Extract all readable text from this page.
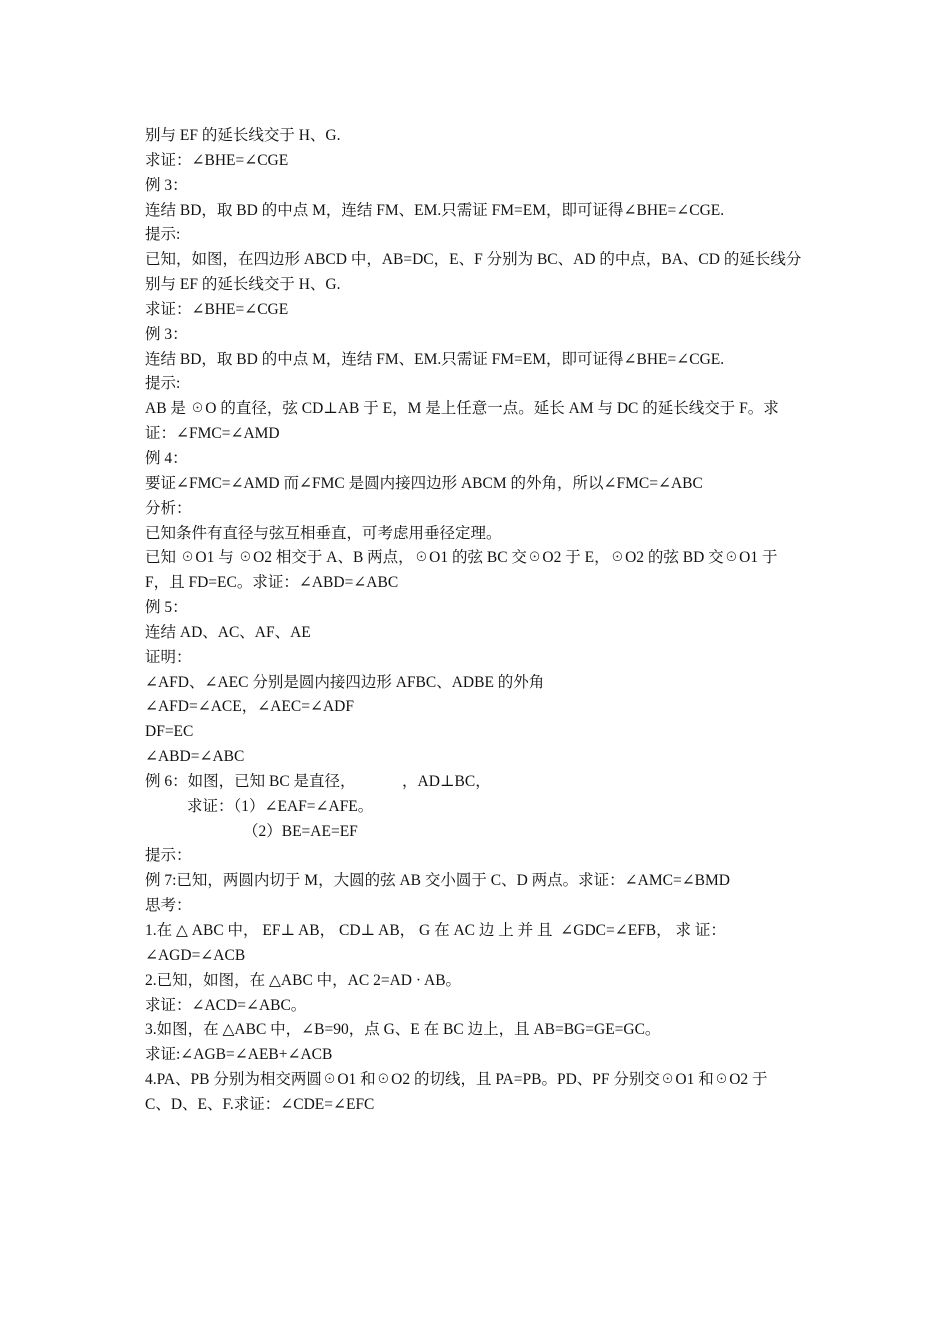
别与 EF 的延长线交于 H、G.
求证：∠BHE=∠CGE
例 3：
连结 BD，取 BD 的中点 M，连结 FM、EM.只需证 FM=EM，即可证得∠BHE=∠CGE.
提示:
已知，如图，在四边形 ABCD 中，AB=DC，E、F 分别为 BC、AD 的中点，BA、CD 的延长线分
别与 EF 的延长线交于 H、G.
求证：∠BHE=∠CGE
例 3：
连结 BD，取 BD 的中点 M，连结 FM、EM.只需证 FM=EM，即可证得∠BHE=∠CGE.
提示:
AB 是 ☉O 的直径，弦 CD⊥AB 于 E，M 是上任意一点。延长 AM 与 DC 的延长线交于 F。求
证：∠FMC=∠AMD
例 4：
要证∠FMC=∠AMD 而∠FMC 是圆内接四边形 ABCM 的外角，所以∠FMC=∠ABC
分析：
已知条件有直径与弦互相垂直，可考虑用垂径定理。
已知 ☉O1 与 ☉O2 相交于 A、B 两点，☉O1 的弦 BC 交☉O2 于 E，☉O2 的弦 BD 交☉O1 于
F，且 FD=EC。求证：∠ABD=∠ABC
例 5：
连结 AD、AC、AF、AE
证明：
∠AFD、∠AEC 分别是圆内接四边形 AFBC、ADBE 的外角
∠AFD=∠ACE，∠AEC=∠ADF
DF=EC
∠ABD=∠ABC
例 6：如图，已知 BC 是直径，            ，AD⊥BC，
求证：（1）∠EAF=∠AFE。
（2）BE=AE=EF
提示：
例 7:已知，两圆内切于 M，大圆的弦 AB 交小圆于 C、D 两点。求证：∠AMC=∠BMD
思考：
1.在 △ ABC 中， EF⊥ AB， CD⊥ AB， G 在 AC 边 上 并 且  ∠GDC=∠EFB， 求 证：
∠AGD=∠ACB
2.已知，如图，在 △ABC 中，AC 2=AD · AB。
求证：∠ACD=∠ABC。
3.如图，在 △ABC 中，∠B=90，点 G、E 在 BC 边上，且 AB=BG=GE=GC。
求证:∠AGB=∠AEB+∠ACB
4.PA、PB 分别为相交两圆☉O1 和☉O2 的切线，且 PA=PB。PD、PF 分别交☉O1 和☉O2 于
C、D、E、F.求证：∠CDE=∠EFC
